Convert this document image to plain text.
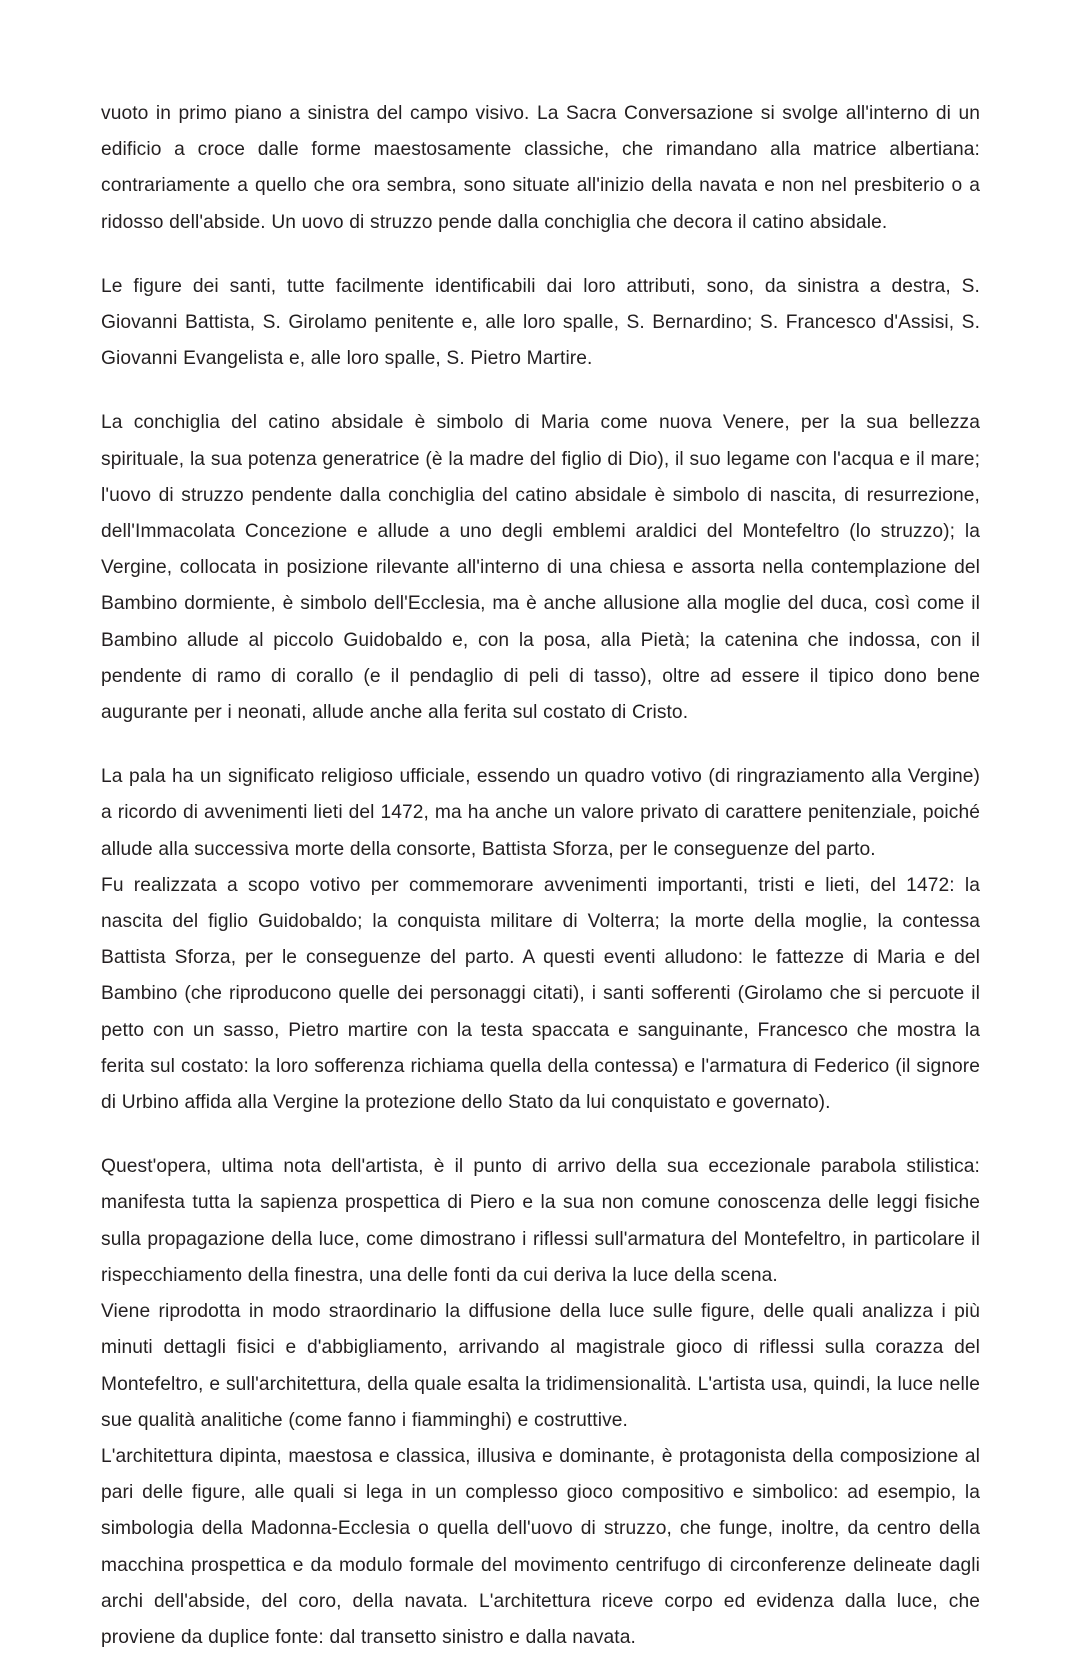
vuoto in primo piano a sinistra del campo visivo. La Sacra Conversazione si svolge all'interno di un edificio a croce dalle forme maestosamente classiche, che rimandano alla matrice albertiana: contrariamente a quello che ora sembra, sono situate all'inizio della navata e non nel presbiterio o a ridosso dell'abside. Un uovo di struzzo pende dalla conchiglia che decora il catino absidale.

Le figure dei santi, tutte facilmente identificabili dai loro attributi, sono, da sinistra a destra, S. Giovanni Battista, S. Girolamo penitente e, alle loro spalle, S. Bernardino; S. Francesco d'Assisi, S. Giovanni Evangelista e, alle loro spalle, S. Pietro Martire.

La conchiglia del catino absidale è simbolo di Maria come nuova Venere, per la sua bellezza spirituale, la sua potenza generatrice (è la madre del figlio di Dio), il suo legame con l'acqua e il mare; l'uovo di struzzo pendente dalla conchiglia del catino absidale è simbolo di nascita, di resurrezione, dell'Immacolata Concezione e allude a uno degli emblemi araldici del Montefeltro (lo struzzo); la Vergine, collocata in posizione rilevante all'interno di una chiesa e assorta nella contemplazione del Bambino dormiente, è simbolo dell'Ecclesia, ma è anche allusione alla moglie del duca, così come il Bambino allude al piccolo Guidobaldo e, con la posa, alla Pietà; la catenina che indossa, con il pendente di ramo di corallo (e il pendaglio di peli di tasso), oltre ad essere il tipico dono bene augurante per i neonati, allude anche alla ferita sul costato di Cristo.

La pala ha un significato religioso ufficiale, essendo un quadro votivo (di ringraziamento alla Vergine) a ricordo di avvenimenti lieti del 1472, ma ha anche un valore privato di carattere penitenziale, poiché allude alla successiva morte della consorte, Battista Sforza, per le conseguenze del parto.

Fu realizzata a scopo votivo per commemorare avvenimenti importanti, tristi e lieti, del 1472: la nascita del figlio Guidobaldo; la conquista militare di Volterra; la morte della moglie, la contessa Battista Sforza, per le conseguenze del parto. A questi eventi alludono: le fattezze di Maria e del Bambino (che riproducono quelle dei personaggi citati), i santi sofferenti (Girolamo che si percuote il petto con un sasso, Pietro martire con la testa spaccata e sanguinante, Francesco che mostra la ferita sul costato: la loro sofferenza richiama quella della contessa) e l'armatura di Federico (il signore di Urbino affida alla Vergine la protezione dello Stato da lui conquistato e governato).

Quest'opera, ultima nota dell'artista, è il punto di arrivo della sua eccezionale parabola stilistica: manifesta tutta la sapienza prospettica di Piero e la sua non comune conoscenza delle leggi fisiche sulla propagazione della luce, come dimostrano i riflessi sull'armatura del Montefeltro, in particolare il rispecchiamento della finestra, una delle fonti da cui deriva la luce della scena.

Viene riprodotta in modo straordinario la diffusione della luce sulle figure, delle quali analizza i più minuti dettagli fisici e d'abbigliamento, arrivando al magistrale gioco di riflessi sulla corazza del Montefeltro, e sull'architettura, della quale esalta la tridimensionalità. L'artista usa, quindi, la luce nelle sue qualità analitiche (come fanno i fiamminghi) e costruttive.

L'architettura dipinta, maestosa e classica, illusiva e dominante, è protagonista della composizione al pari delle figure, alle quali si lega in un complesso gioco compositivo e simbolico: ad esempio, la simbologia della Madonna-Ecclesia o quella dell'uovo di struzzo, che funge, inoltre, da centro della macchina prospettica e da modulo formale del movimento centrifugo di circonferenze delineate dagli archi dell'abside, del coro, della navata. L'architettura riceve corpo ed evidenza dalla luce, che proviene da duplice fonte: dal transetto sinistro e dalla navata.
